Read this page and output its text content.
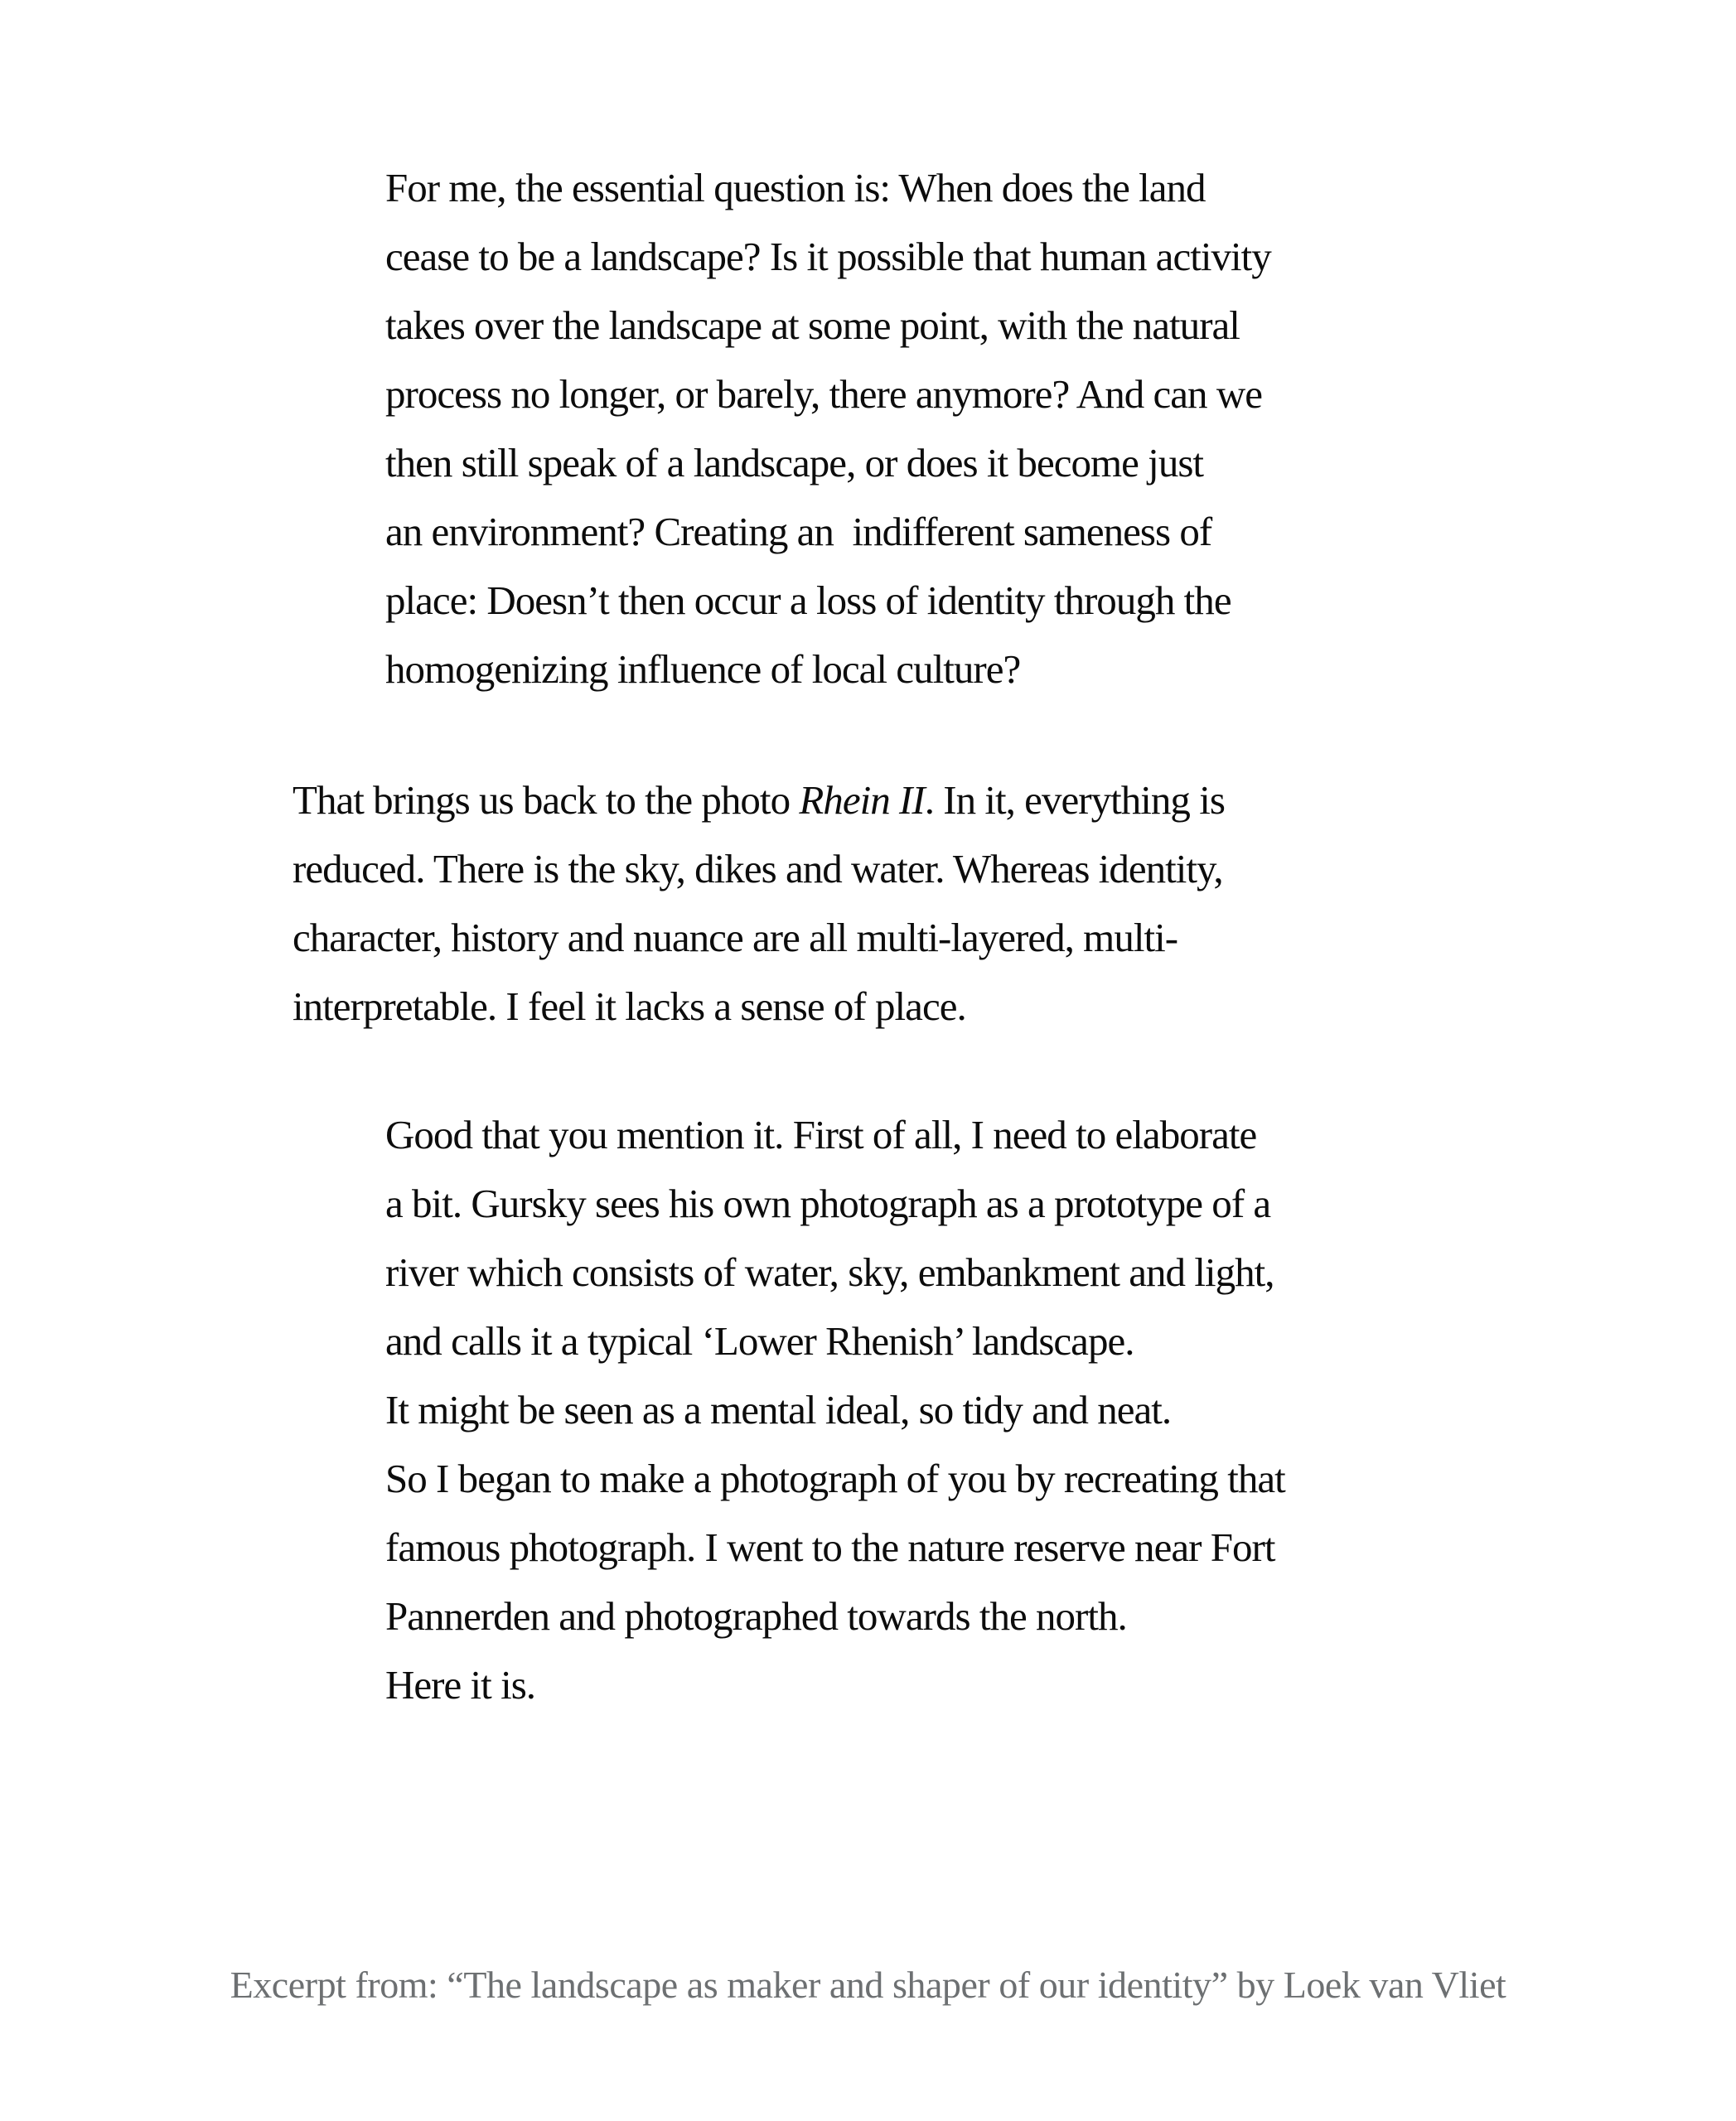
For me, the essential question is: When does the land
cease to be a landscape? Is it possible that human activity
takes over the landscape at some point, with the natural
process no longer, or barely, there anymore? And can we
then still speak of a landscape, or does it become just
an environment? Creating an  indifferent sameness of
place: Doesn’t then occur a loss of identity through the
homogenizing influence of local culture?
That brings us back to the photo Rhein II. In it, everything is
reduced. There is the sky, dikes and water. Whereas identity,
character, history and nuance are all multi-layered, multi-
interpretable. I feel it lacks a sense of place.
Good that you mention it. First of all, I need to elaborate
a bit. Gursky sees his own photograph as a prototype of a
river which consists of water, sky, embankment and light,
and calls it a typical ‘Lower Rhenish’ landscape.
It might be seen as a mental ideal, so tidy and neat.
So I began to make a photograph of you by recreating that
famous photograph. I went to the nature reserve near Fort
Pannerden and photographed towards the north.
Here it is.
Excerpt from: “The landscape as maker and shaper of our identity” by Loek van Vliet
